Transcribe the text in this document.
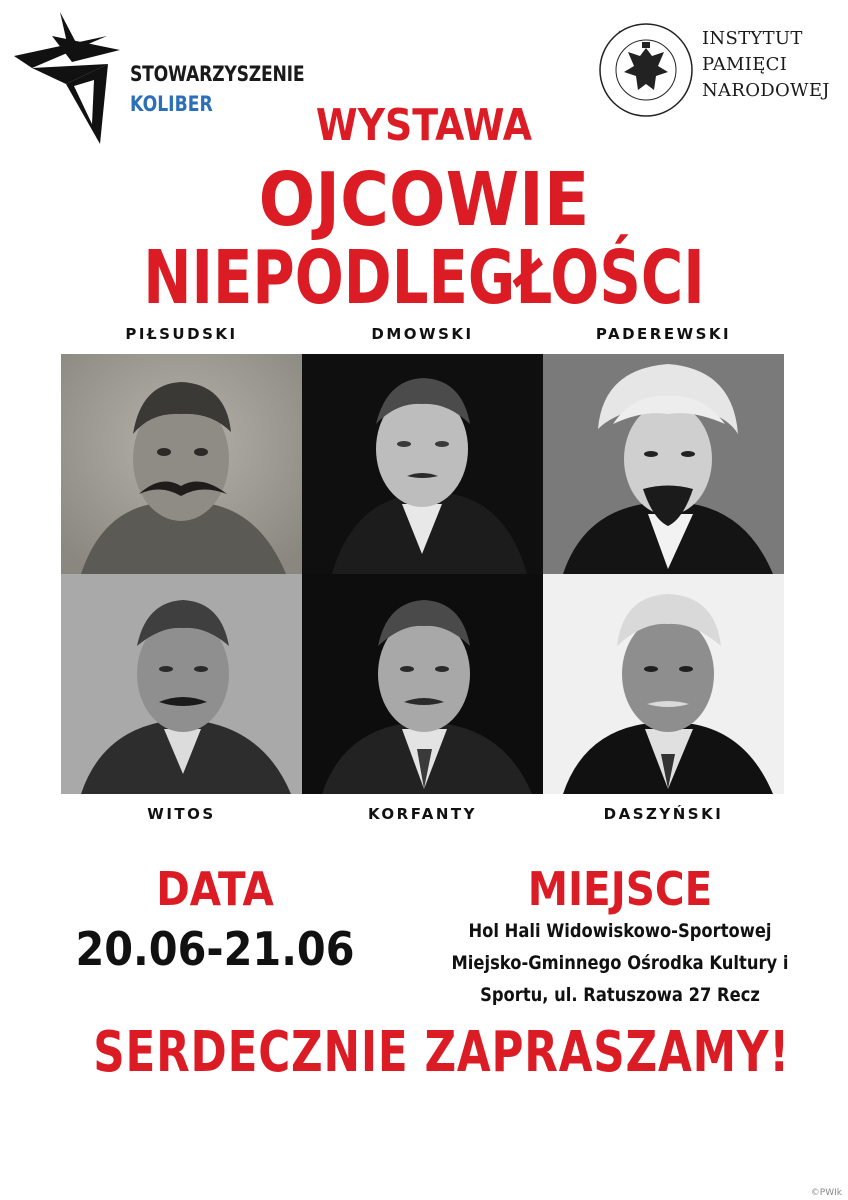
STOWARZYSZENIE
KOLIBER
ʻ	INSTYTUT
PAMIĘCI
NARODOWEJ
WYSTAWA
OJCOWIE
NIEPODLEGŁOŚCI
PIŁSUDSKI	DMOWSKI	PADEREWSKI
WITOS	KORFANTY	DASZYŃSKI
DATA
20.06-21.06
MIEJSCE
Hol Hali Widowiskowo-Sportowej
Miejsko-Gminnego Ośrodka Kultury i
Sportu, ul. Ratuszowa 27 Recz
SERDECZNIE ZAPRASZAMY!
©PWIk
